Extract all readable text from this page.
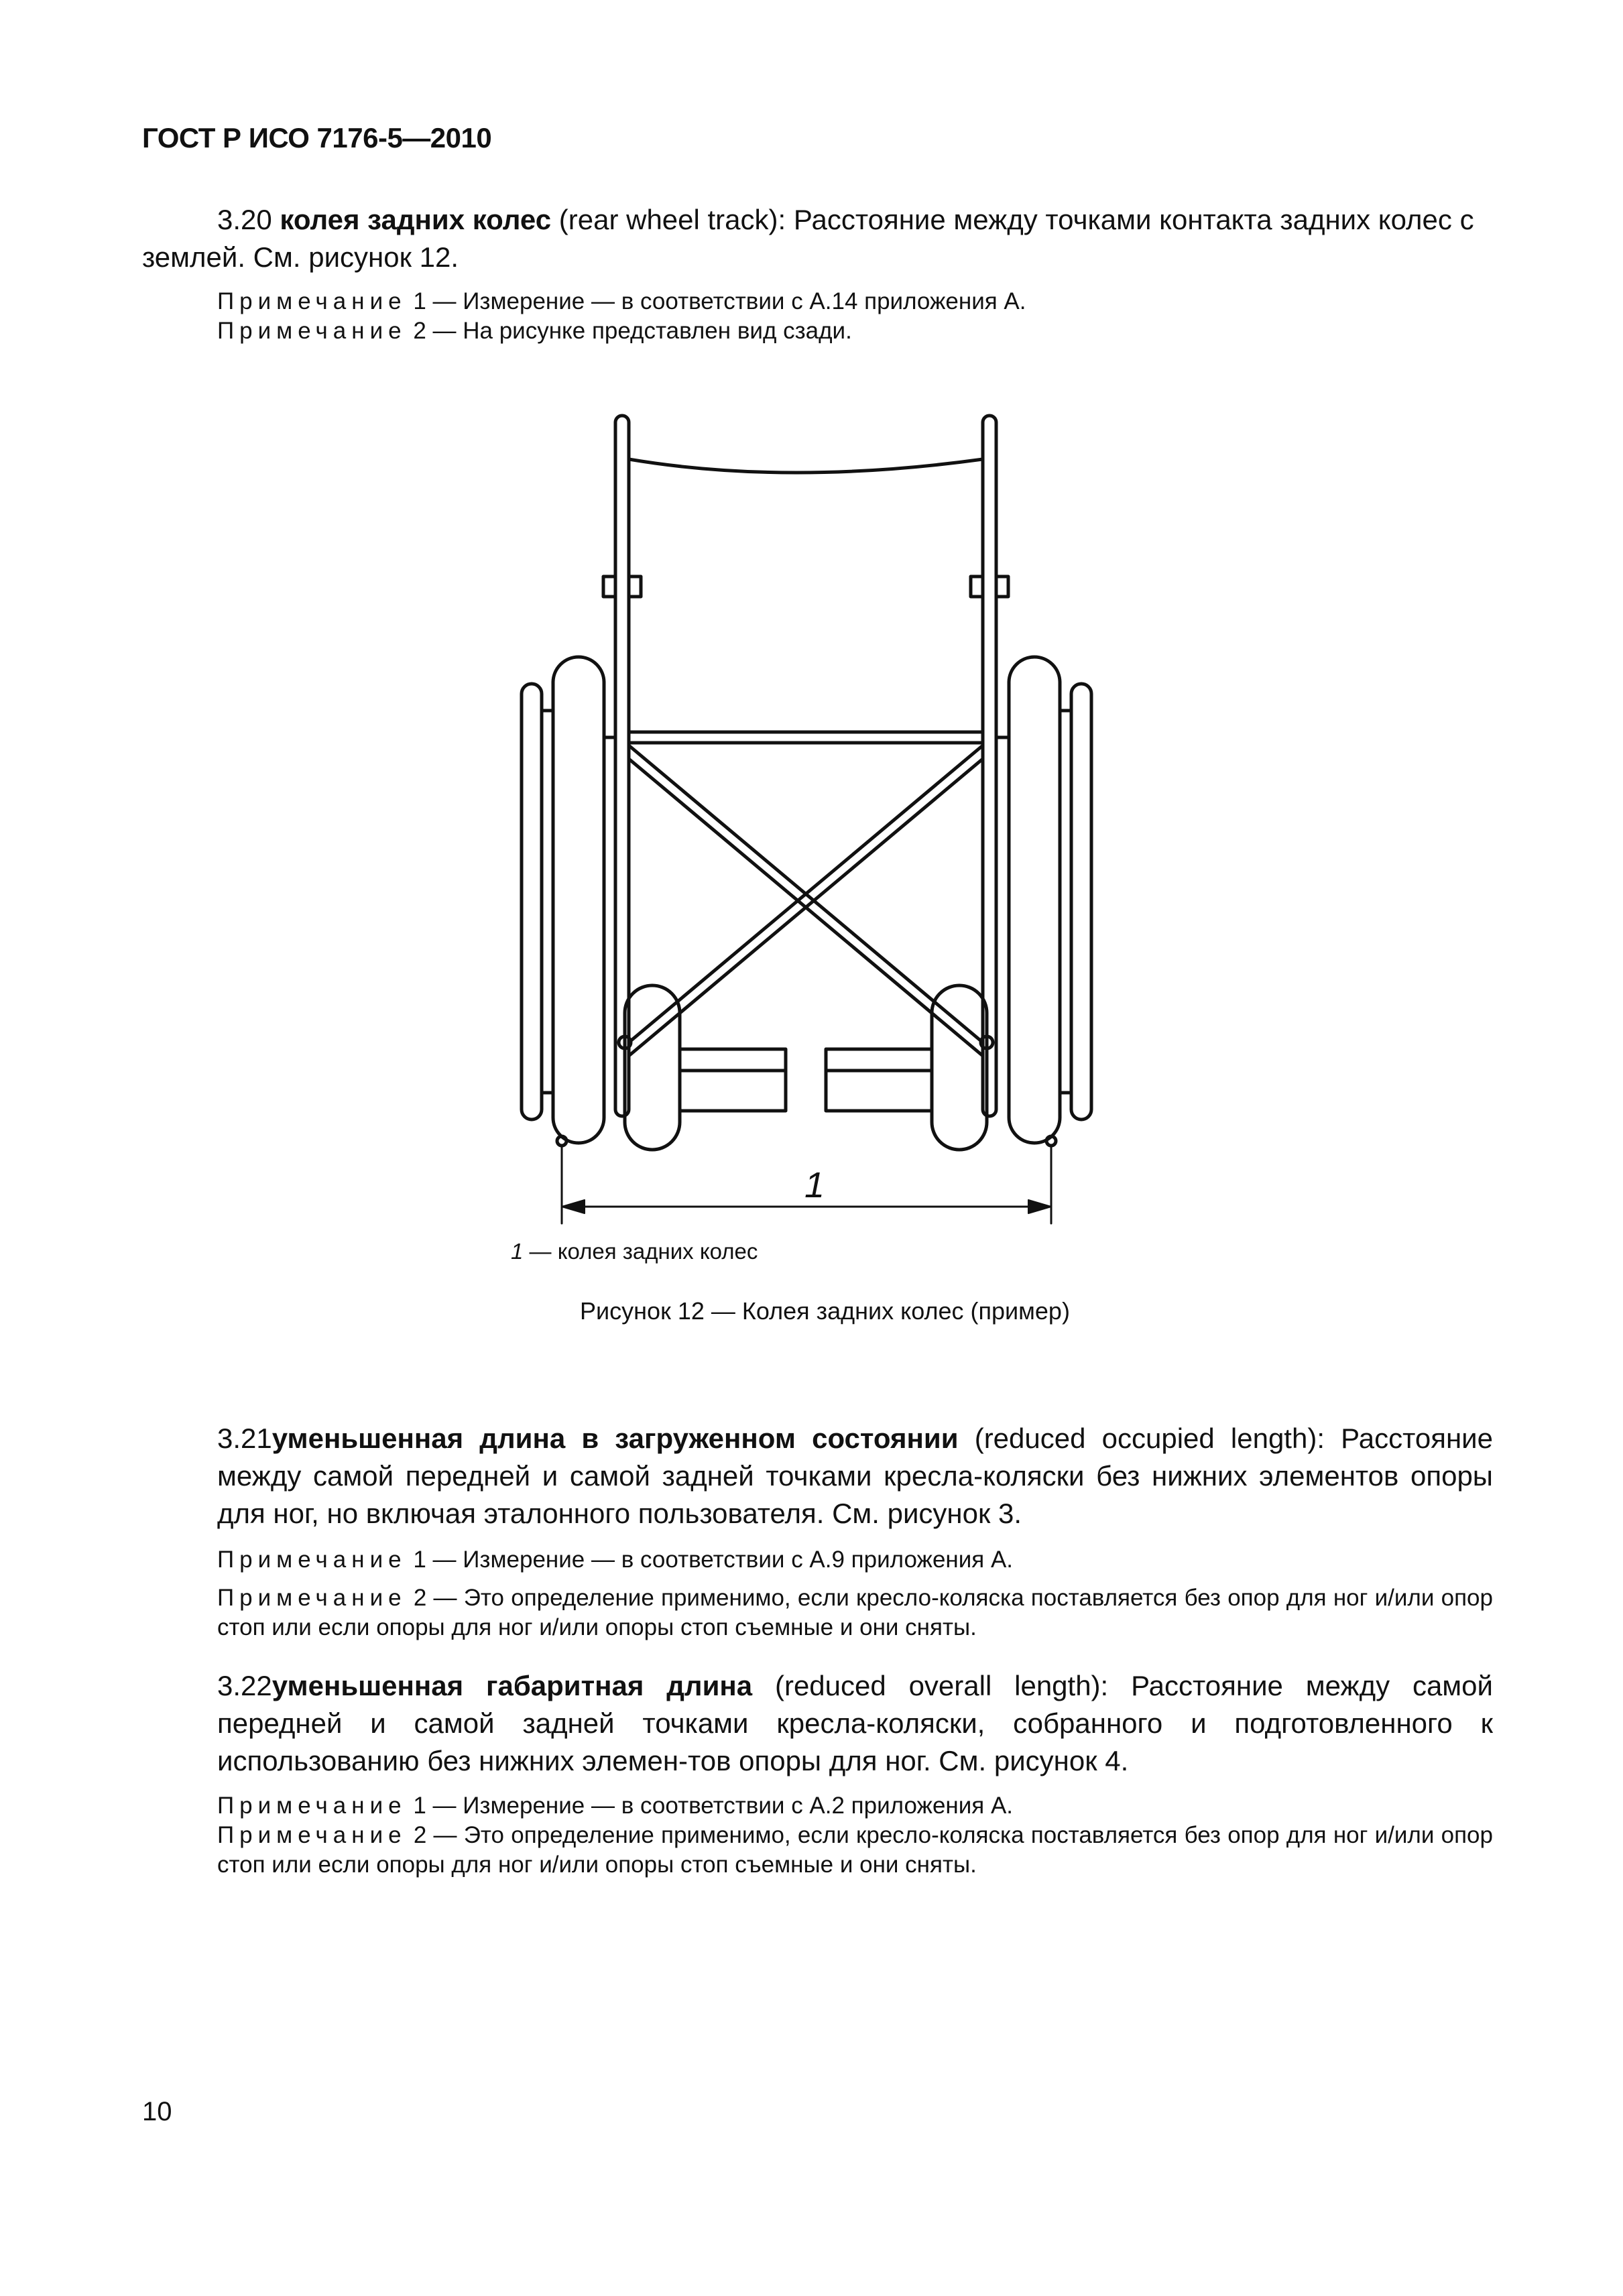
ГОСТ Р ИСО 7176-5—2010
3.20 колея задних колес (rear wheel track): Расстояние между точками контакта задних колес с
землей. См. рисунок 12.
Примечание 1 — Измерение — в соответствии с А.14 приложения А.
Примечание 2 — На рисунке представлен вид сзади.
1
1 — колея задних колес
Рисунок 12 — Колея задних колес (пример)
3.21уменьшенная длина в загруженном состоянии (reduced occupied length): Расстояние между самой передней и самой задней точками кресла-коляски без нижних элементов опоры для ног, но включая эталонного пользователя. См. рисунок 3.
Примечание 1 — Измерение — в соответствии с А.9 приложения А.
Примечание 2 — Это определение применимо, если кресло-коляска поставляется без опор для ног и/или опор стоп или если опоры для ног и/или опоры стоп съемные и они сняты.
3.22уменьшенная габаритная длина (reduced overall length): Расстояние между самой передней и самой задней точками кресла-коляски, собранного и подготовленного к использованию без нижних элемен-тов опоры для ног. См. рисунок 4.
Примечание 1 — Измерение — в соответствии с А.2 приложения А.
Примечание 2 — Это определение применимо, если кресло-коляска поставляется без опор для ног и/или опор стоп или если опоры для ног и/или опоры стоп съемные и они сняты.
10
